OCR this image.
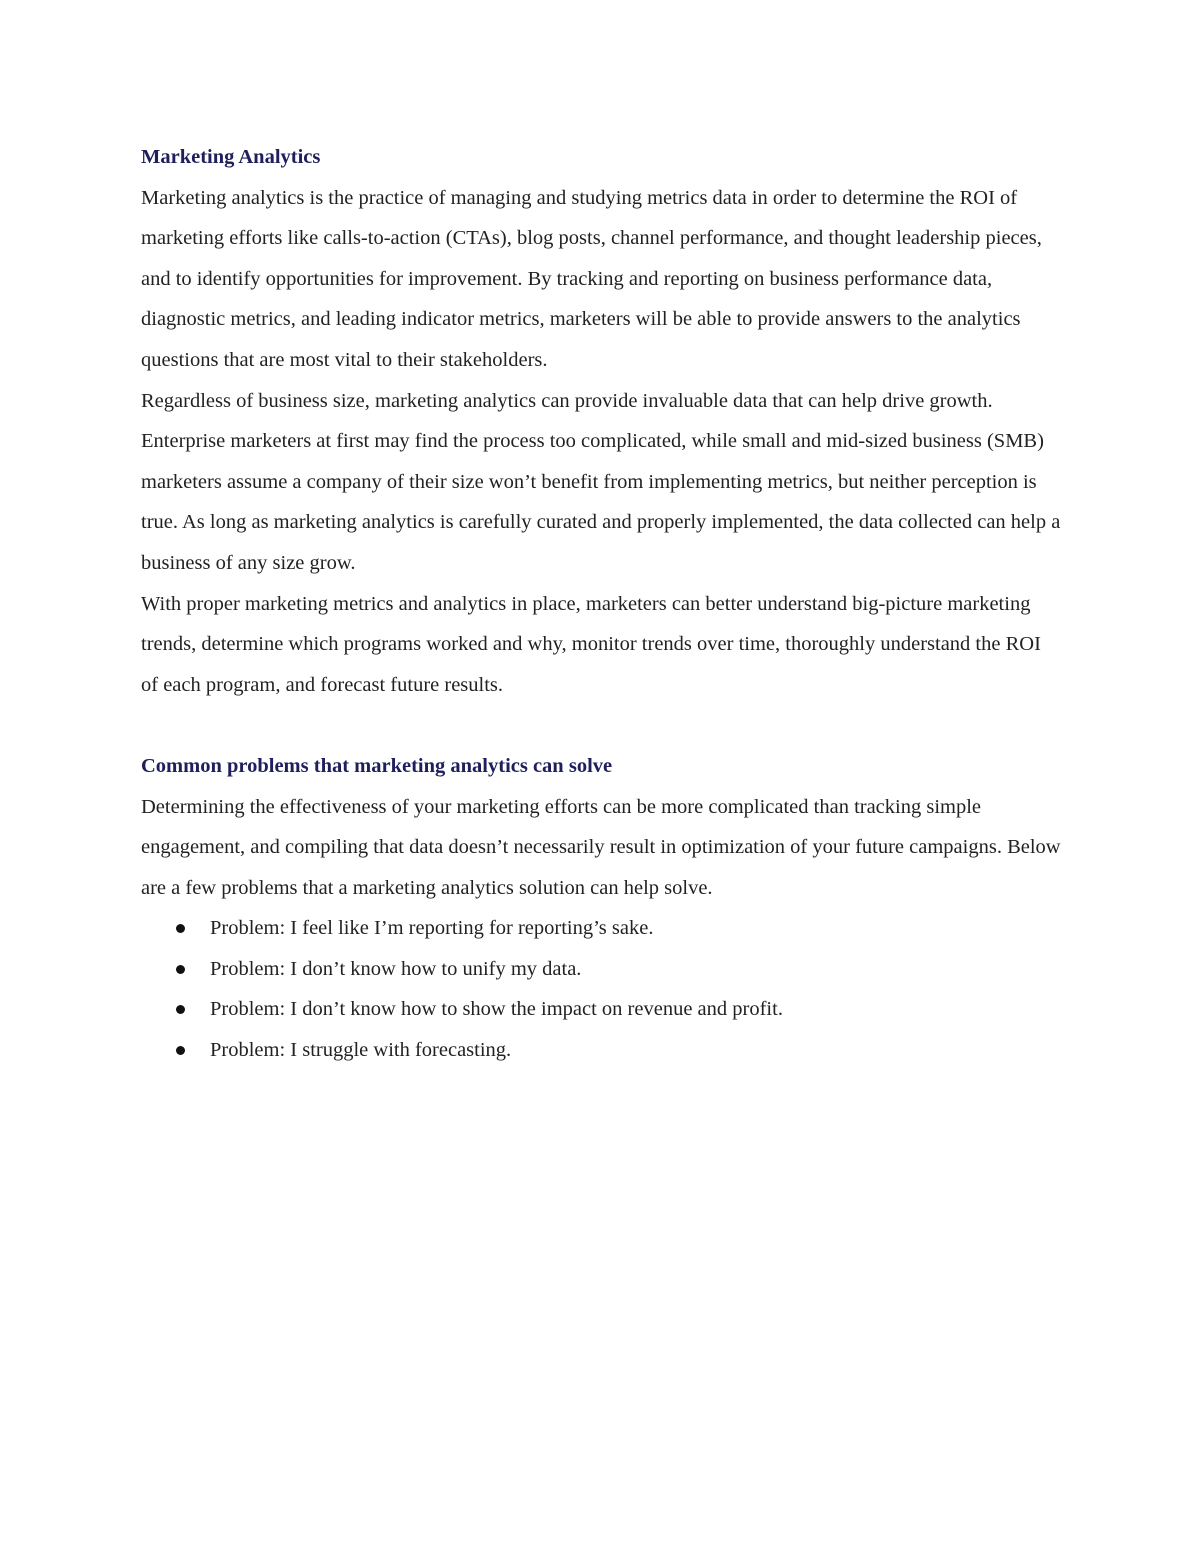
Marketing Analytics

Marketing analytics is the practice of managing and studying metrics data in order to determine the ROI of marketing efforts like calls-to-action (CTAs), blog posts, channel performance, and thought leadership pieces, and to identify opportunities for improvement. By tracking and reporting on business performance data, diagnostic metrics, and leading indicator metrics, marketers will be able to provide answers to the analytics questions that are most vital to their stakeholders.

Regardless of business size, marketing analytics can provide invaluable data that can help drive growth. Enterprise marketers at first may find the process too complicated, while small and mid-sized business (SMB) marketers assume a company of their size won’t benefit from implementing metrics, but neither perception is true. As long as marketing analytics is carefully curated and properly implemented, the data collected can help a business of any size grow.

With proper marketing metrics and analytics in place, marketers can better understand big-picture marketing trends, determine which programs worked and why, monitor trends over time, thoroughly understand the ROI of each program, and forecast future results.

Common problems that marketing analytics can solve

Determining the effectiveness of your marketing efforts can be more complicated than tracking simple engagement, and compiling that data doesn’t necessarily result in optimization of your future campaigns. Below are a few problems that a marketing analytics solution can help solve.

Problem: I feel like I’m reporting for reporting’s sake.
Problem: I don’t know how to unify my data.
Problem: I don’t know how to show the impact on revenue and profit.
Problem: I struggle with forecasting.
